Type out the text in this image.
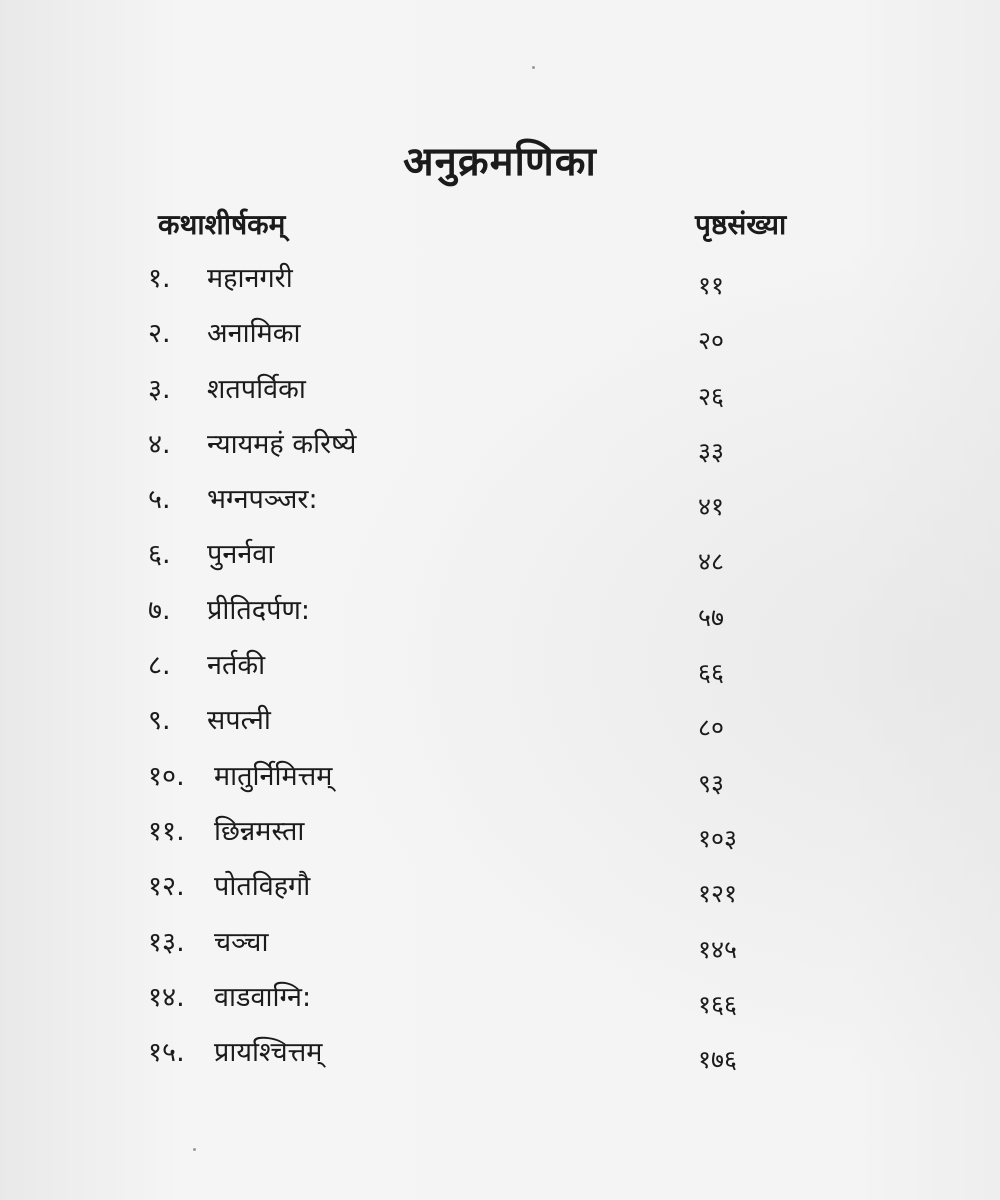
अनुक्रमणिका
कथाशीर्षकम्	पृष्ठसंख्या
१. महानगरी	११
२. अनामिका	२०
३. शतपर्विका	२६
४. न्यायमहं करिष्ये	३३
५. भग्नपञ्जर:	४१
६. पुनर्नवा	४८
७. प्रीतिदर्पण:	५७
८. नर्तकी	६६
९. सपत्नी	८०
१०. मातुर्निमित्तम्	९३
११. छिन्नमस्ता	१०३
१२. पोतविहगौ	१२१
१३. चञ्चा	१४५
१४. वाडवाग्नि:	१६६
१५. प्रायश्चित्तम्	१७६
